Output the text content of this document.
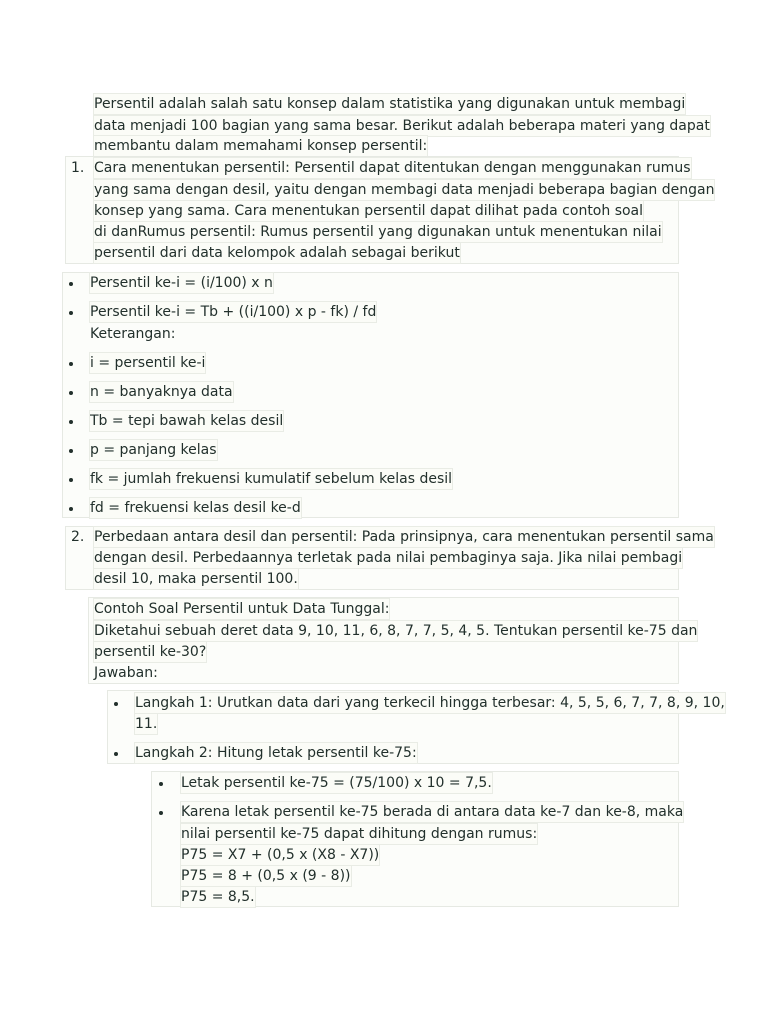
Persentil adalah salah satu konsep dalam statistika yang digunakan untuk membagi
data menjadi 100 bagian yang sama besar. Berikut adalah beberapa materi yang dapat
membantu dalam memahami konsep persentil:
1. Cara menentukan persentil: Persentil dapat ditentukan dengan menggunakan rumus
yang sama dengan desil, yaitu dengan membagi data menjadi beberapa bagian dengan
konsep yang sama. Cara menentukan persentil dapat dilihat pada contoh soal
di danRumus persentil: Rumus persentil yang digunakan untuk menentukan nilai
persentil dari data kelompok adalah sebagai berikut
Persentil ke-i = (i/100) x n
Persentil ke-i = Tb + ((i/100) x p - fk) / fd
Keterangan:
i = persentil ke-i
n = banyaknya data
Tb = tepi bawah kelas desil
p = panjang kelas
fk = jumlah frekuensi kumulatif sebelum kelas desil
fd = frekuensi kelas desil ke-d
2. Perbedaan antara desil dan persentil: Pada prinsipnya, cara menentukan persentil sama
dengan desil. Perbedaannya terletak pada nilai pembaginya saja. Jika nilai pembagi
desil 10, maka persentil 100.
Contoh Soal Persentil untuk Data Tunggal:
Diketahui sebuah deret data 9, 10, 11, 6, 8, 7, 7, 5, 4, 5. Tentukan persentil ke-75 dan
persentil ke-30?
Jawaban:
Langkah 1: Urutkan data dari yang terkecil hingga terbesar: 4, 5, 5, 6, 7, 7, 8, 9, 10,
11.
Langkah 2: Hitung letak persentil ke-75:
Letak persentil ke-75 = (75/100) x 10 = 7,5.
Karena letak persentil ke-75 berada di antara data ke-7 dan ke-8, maka
nilai persentil ke-75 dapat dihitung dengan rumus:
P75 = X7 + (0,5 x (X8 - X7))
P75 = 8 + (0,5 x (9 - 8))
P75 = 8,5.
